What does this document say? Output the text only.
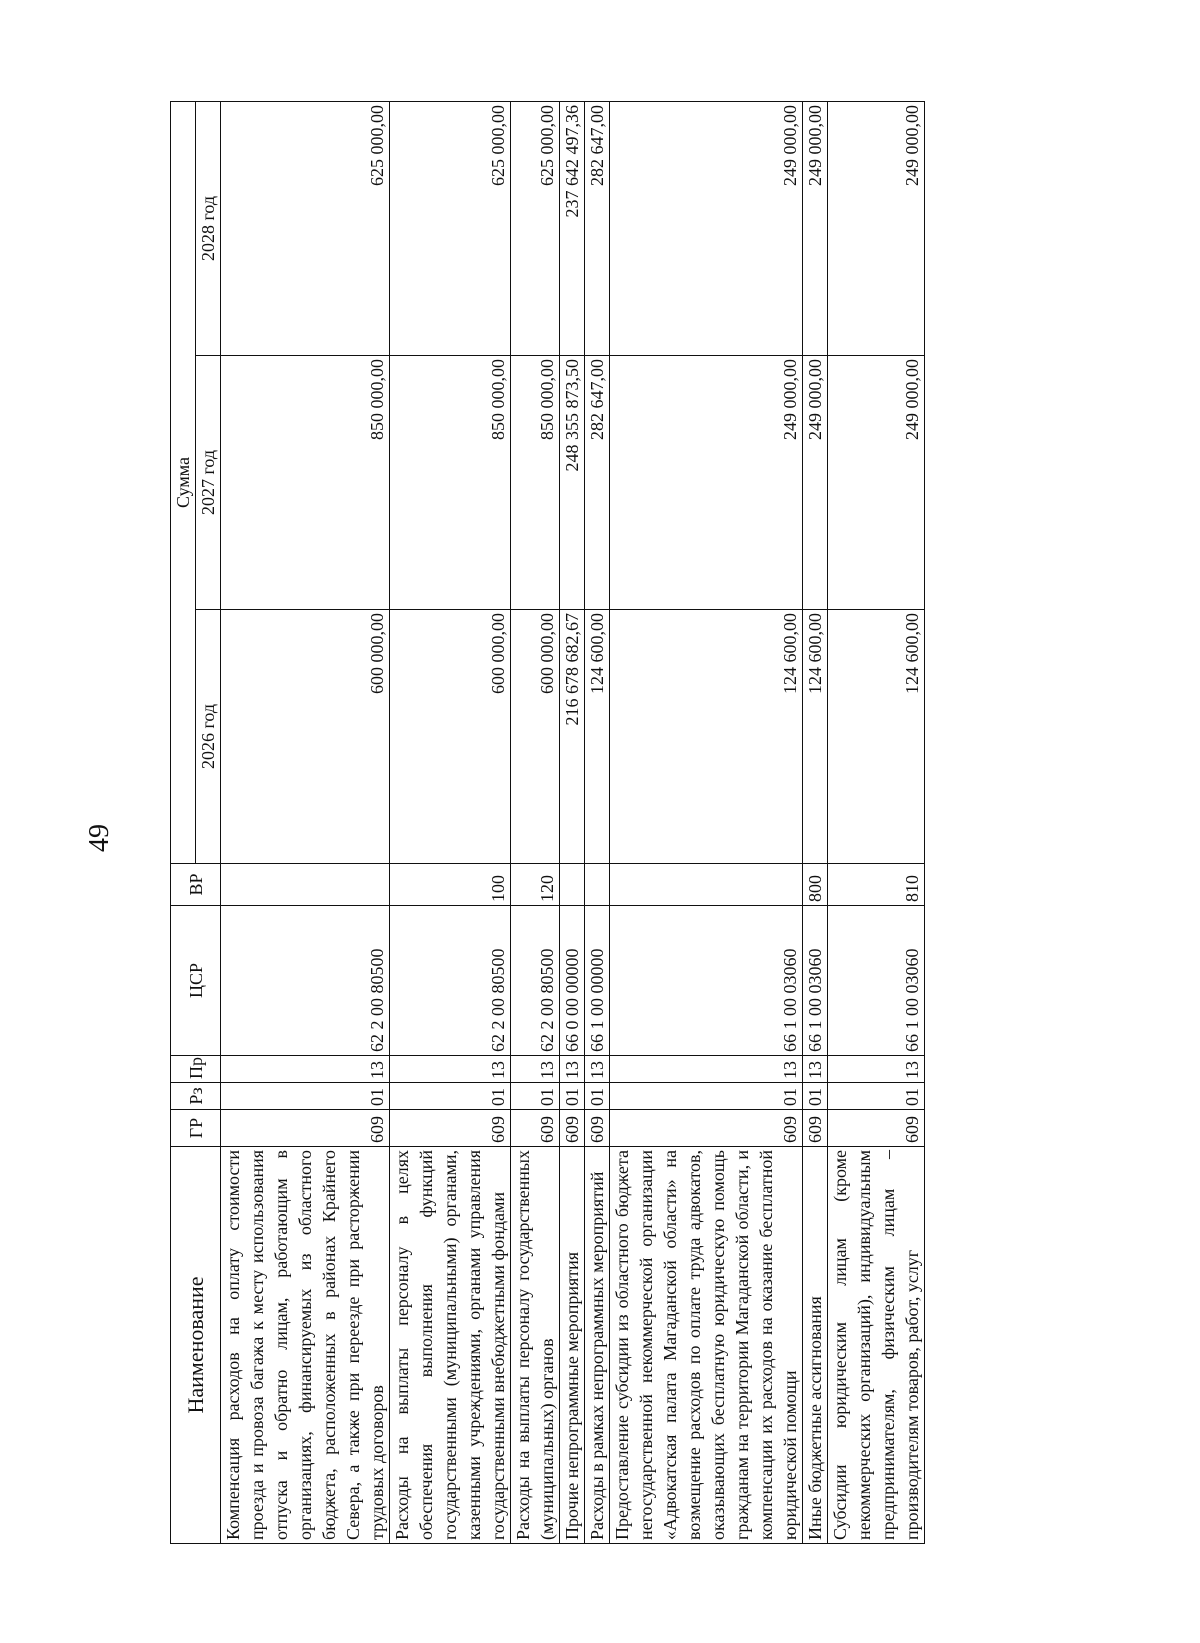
49
Наименование	ГР	Рз	Пр	ЦСР	ВР	Сумма		
						2026 год	2027 год	2028 год
Компенсация расходов на оплату стоимости проезда и провоза багажа к месту использования отпуска и обратно лицам, работающим в организациях, финансируемых из областного бюджета, расположенных в районах Крайнего Севера, а также при переезде при расторжении трудовых договоров	609	01	13	62 2 00 80500		600 000,00	850 000,00	625 000,00
Расходы на выплаты персоналу в целях обеспечения выполнения функций государственными (муниципальными) органами, казенными учреждениями, органами управления государственными внебюджетными фондами	609	01	13	62 2 00 80500	100	600 000,00	850 000,00	625 000,00
Расходы на выплаты персоналу государственных (муниципальных) органов	609	01	13	62 2 00 80500	120	600 000,00	850 000,00	625 000,00
Прочие непрограммные мероприятия	609	01	13	66 0 00 00000		216 678 682,67	248 355 873,50	237 642 497,36
Расходы в рамках непрограммных мероприятий	609	01	13	66 1 00 00000		124 600,00	282 647,00	282 647,00
Предоставление субсидии из областного бюджета негосударственной некоммерческой организации «Адвокатская палата Магаданской области» на возмещение расходов по оплате труда адвокатов, оказывающих бесплатную юридическую помощь гражданам на территории Магаданской области, и компенсации их расходов на оказание бесплатной юридической помощи	609	01	13	66 1 00 03060		124 600,00	249 000,00	249 000,00
Иные бюджетные ассигнования	609	01	13	66 1 00 03060	800	124 600,00	249 000,00	249 000,00
Субсидии юридическим лицам (кроме некоммерческих организаций), индивидуальным предпринимателям, физическим лицам – производителям товаров, работ, услуг	609	01	13	66 1 00 03060	810	124 600,00	249 000,00	249 000,00
